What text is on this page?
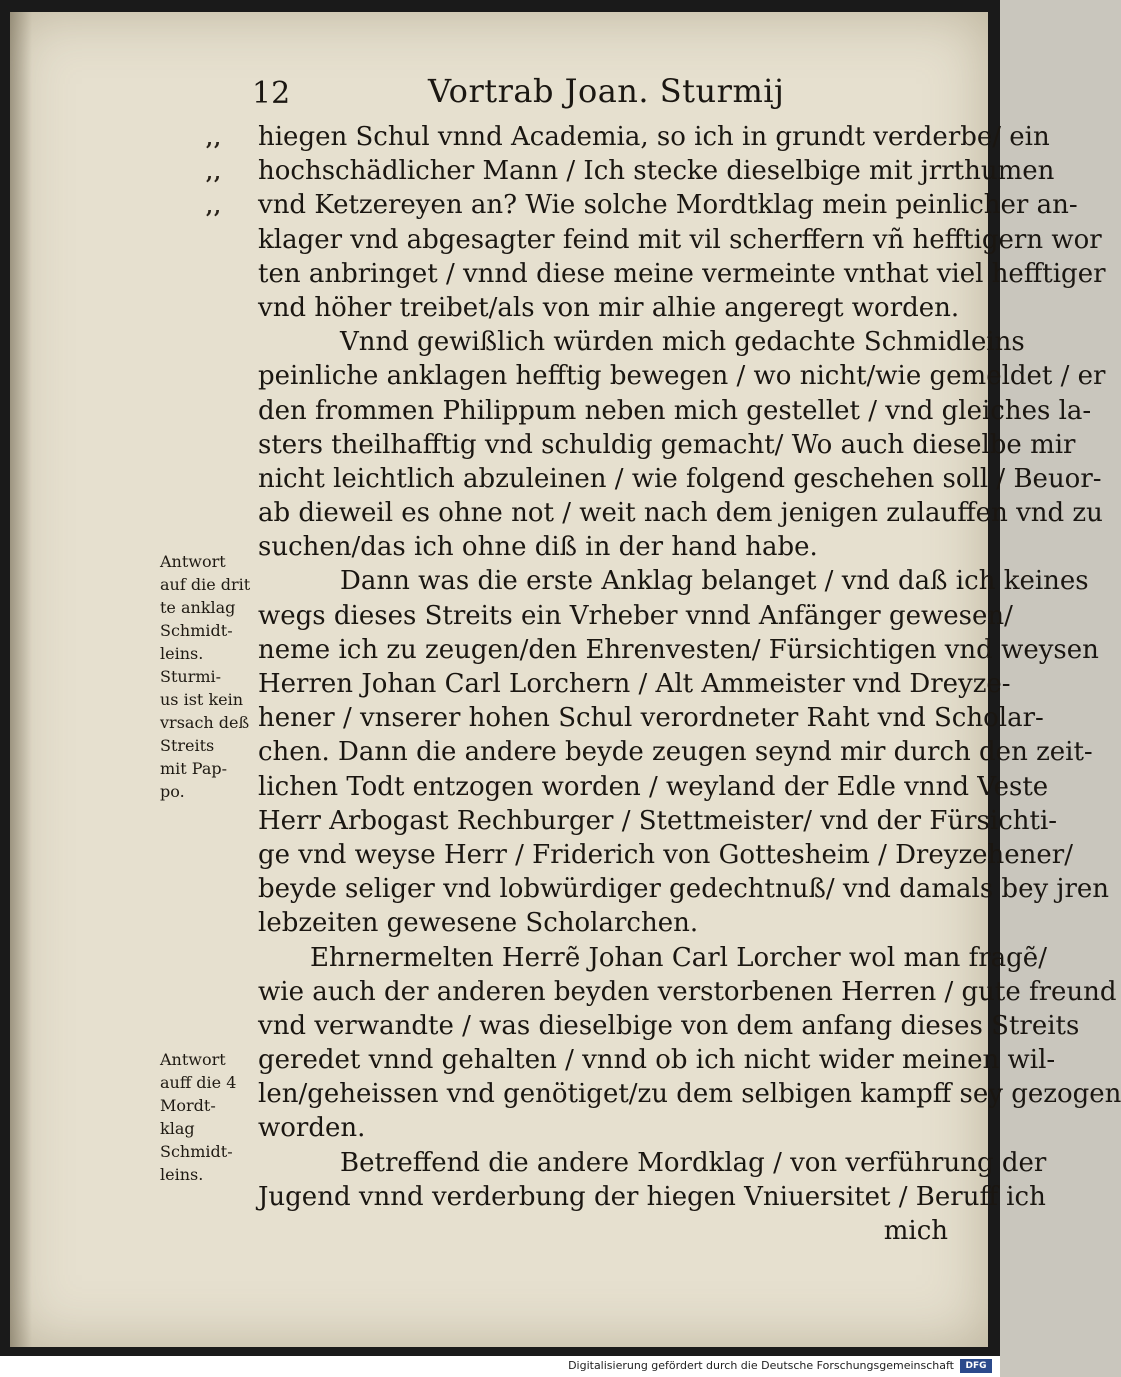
12	Vortrab Joan. Sturmij
,,
,,
,,
hiegen Schul vnnd Academia, so ich in grundt verderbe/ ein
hochschädlicher Mann / Ich stecke dieselbige mit jrrthumen
vnd Ketzereyen an? Wie solche Mordtklag mein peinlicher an-
klager vnd abgesagter feind mit vil scherffern vñ hefftigern wor
ten anbringet / vnnd diese meine vermeinte vnthat viel hefftiger
vnd höher treibet/als von mir alhie angeregt worden.
Vnnd gewißlich würden mich gedachte Schmidleins
peinliche anklagen hefftig bewegen / wo nicht/wie gemeldet / er
den frommen Philippum neben mich gestellet / vnd gleiches la-
sters theilhafftig vnd schuldig gemacht/ Wo auch dieselbe mir
nicht leichtlich abzuleinen / wie folgend geschehen soll / Beuor-
ab dieweil es ohne not / weit nach dem jenigen zulauffen vnd zu
suchen/das ich ohne diß in der hand habe.
Dann was die erste Anklag belanget / vnd daß ich keines
wegs dieses Streits ein Vrheber vnnd Anfänger gewesen/
neme ich zu zeugen/den Ehrenvesten/ Fürsichtigen vnd weysen
Herren Johan Carl Lorchern / Alt Ammeister vnd Dreyze-
hener / vnserer hohen Schul verordneter Raht vnd Scholar-
chen. Dann die andere beyde zeugen seynd mir durch den zeit-
lichen Todt entzogen worden / weyland der Edle vnnd Veste
Herr Arbogast Rechburger / Stettmeister/ vnd der Fürsichti-
ge vnd weyse Herr / Friderich von Gottesheim / Dreyzehener/
beyde seliger vnd lobwürdiger gedechtnuß/ vnd damals bey jren
lebzeiten gewesene Scholarchen.
Ehrnermelten Herrẽ Johan Carl Lorcher wol man fragẽ/
wie auch der anderen beyden verstorbenen Herren / gute freund
vnd verwandte / was dieselbige von dem anfang dieses Streits
geredet vnnd gehalten / vnnd ob ich nicht wider meinen wil-
len/geheissen vnd genötiget/zu dem selbigen kampff sey gezogen
worden.
Betreffend die andere Mordklag / von verführung der
Jugend vnnd verderbung der hiegen Vniuersitet / Beruff ich
mich
Antwort
auf die drit
te anklag
Schmidt-
leins.
Sturmi-
us ist kein
vrsach deß
Streits
mit Pap-
po.
Antwort
auff die 4
Mordt-
klag
Schmidt-
leins.
Digitalisierung gefördert durch die Deutsche Forschungsgemeinschaft	DFG
